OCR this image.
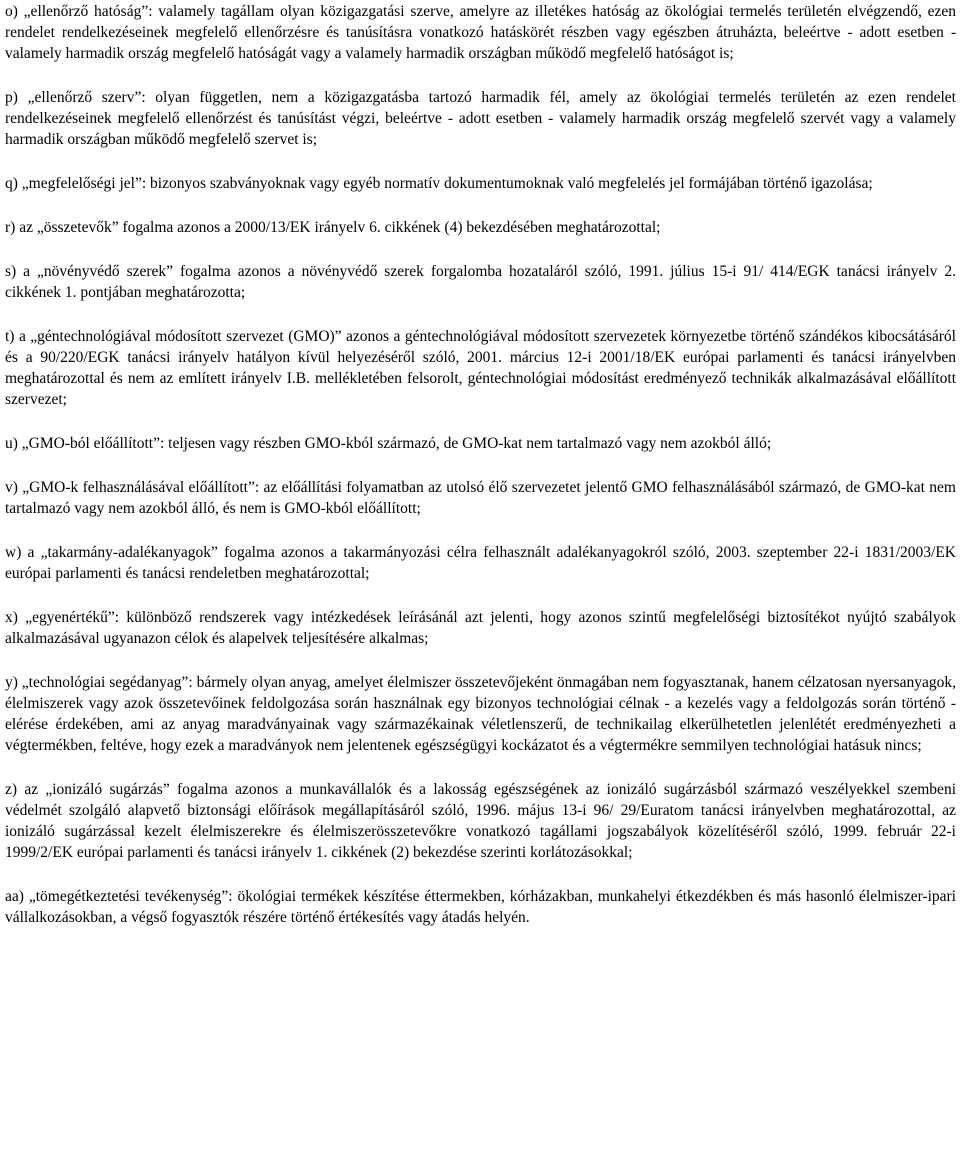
o) „ellenőrző hatóság”: valamely tagállam olyan közigazgatási szerve, amelyre az illetékes hatóság az ökológiai termelés területén elvégzendő, ezen rendelet rendelkezéseinek megfelelő ellenőrzésre és tanúsításra vonatkozó hatáskörét részben vagy egészben átruházta, beleértve - adott esetben - valamely harmadik ország megfelelő hatóságát vagy a valamely harmadik országban működő megfelelő hatóságot is;

p) „ellenőrző szerv”: olyan független, nem a közigazgatásba tartozó harmadik fél, amely az ökológiai termelés területén az ezen rendelet rendelkezéseinek megfelelő ellenőrzést és tanúsítást végzi, beleértve - adott esetben - valamely harmadik ország megfelelő szervét vagy a valamely harmadik országban működő megfelelő szervet is;

q) „megfelelőségi jel”: bizonyos szabványoknak vagy egyéb normatív dokumentumoknak való megfelelés jel formájában történő igazolása;

r) az „összetevők” fogalma azonos a 2000/13/EK irányelv 6. cikkének (4) bekezdésében meghatározottal;

s) a „növényvédő szerek” fogalma azonos a növényvédő szerek forgalomba hozataláról szóló, 1991. július 15-i 91/ 414/EGK tanácsi irányelv 2. cikkének 1. pontjában meghatározotta;

t) a „géntechnológiával módosított szervezet (GMO)” azonos a géntechnológiával módosított szervezetek környezetbe történő szándékos kibocsátásáról és a 90/220/EGK tanácsi irányelv hatályon kívül helyezéséről szóló, 2001. március 12-i 2001/18/EK európai parlamenti és tanácsi irányelvben meghatározottal és nem az említett irányelv I.B. mellékletében felsorolt, géntechnológiai módosítást eredményező technikák alkalmazásával előállított szervezet;

u) „GMO-ból előállított”: teljesen vagy részben GMO-kból származó, de GMO-kat nem tartalmazó vagy nem azokból álló;

v) „GMO-k felhasználásával előállított”: az előállítási folyamatban az utolsó élő szervezetet jelentő GMO felhasználásából származó, de GMO-kat nem tartalmazó vagy nem azokból álló, és nem is GMO-kból előállított;

w) a „takarmány-adalékanyagok” fogalma azonos a takarmányozási célra felhasznált adalékanyagokról szóló, 2003. szeptember 22-i 1831/2003/EK európai parlamenti és tanácsi rendeletben meghatározottal;

x) „egyenértékű”: különböző rendszerek vagy intézkedések leírásánál azt jelenti, hogy azonos szintű megfelelőségi biztosítékot nyújtó szabályok alkalmazásával ugyanazon célok és alapelvek teljesítésére alkalmas;

y) „technológiai segédanyag”: bármely olyan anyag, amelyet élelmiszer összetevőjeként önmagában nem fogyasztanak, hanem célzatosan nyersanyagok, élelmiszerek vagy azok összetevőinek feldolgozása során használnak egy bizonyos technológiai célnak - a kezelés vagy a feldolgozás során történő - elérése érdekében, ami az anyag maradványainak vagy származékainak véletlenszerű, de technikailag elkerülhetetlen jelenlétét eredményezheti a végtermékben, feltéve, hogy ezek a maradványok nem jelentenek egészségügyi kockázatot és a végtermékre semmilyen technológiai hatásuk nincs;

z) az „ionizáló sugárzás” fogalma azonos a munkavállalók és a lakosság egészségének az ionizáló sugárzásból származó veszélyekkel szembeni védelmét szolgáló alapvető biztonsági előírások megállapításáról szóló, 1996. május 13-i 96/ 29/Euratom tanácsi irányelvben meghatározottal, az ionizáló sugárzással kezelt élelmiszerekre és élelmiszerösszetevőkre vonatkozó tagállami jogszabályok közelítéséről szóló, 1999. február 22-i 1999/2/EK európai parlamenti és tanácsi irányelv 1. cikkének (2) bekezdése szerinti korlátozásokkal;

aa) „tömegétkeztetési tevékenység”: ökológiai termékek készítése éttermekben, kórházakban, munkahelyi étkezdékben és más hasonló élelmiszer-ipari vállalkozásokban, a végső fogyasztók részére történő értékesítés vagy átadás helyén.
